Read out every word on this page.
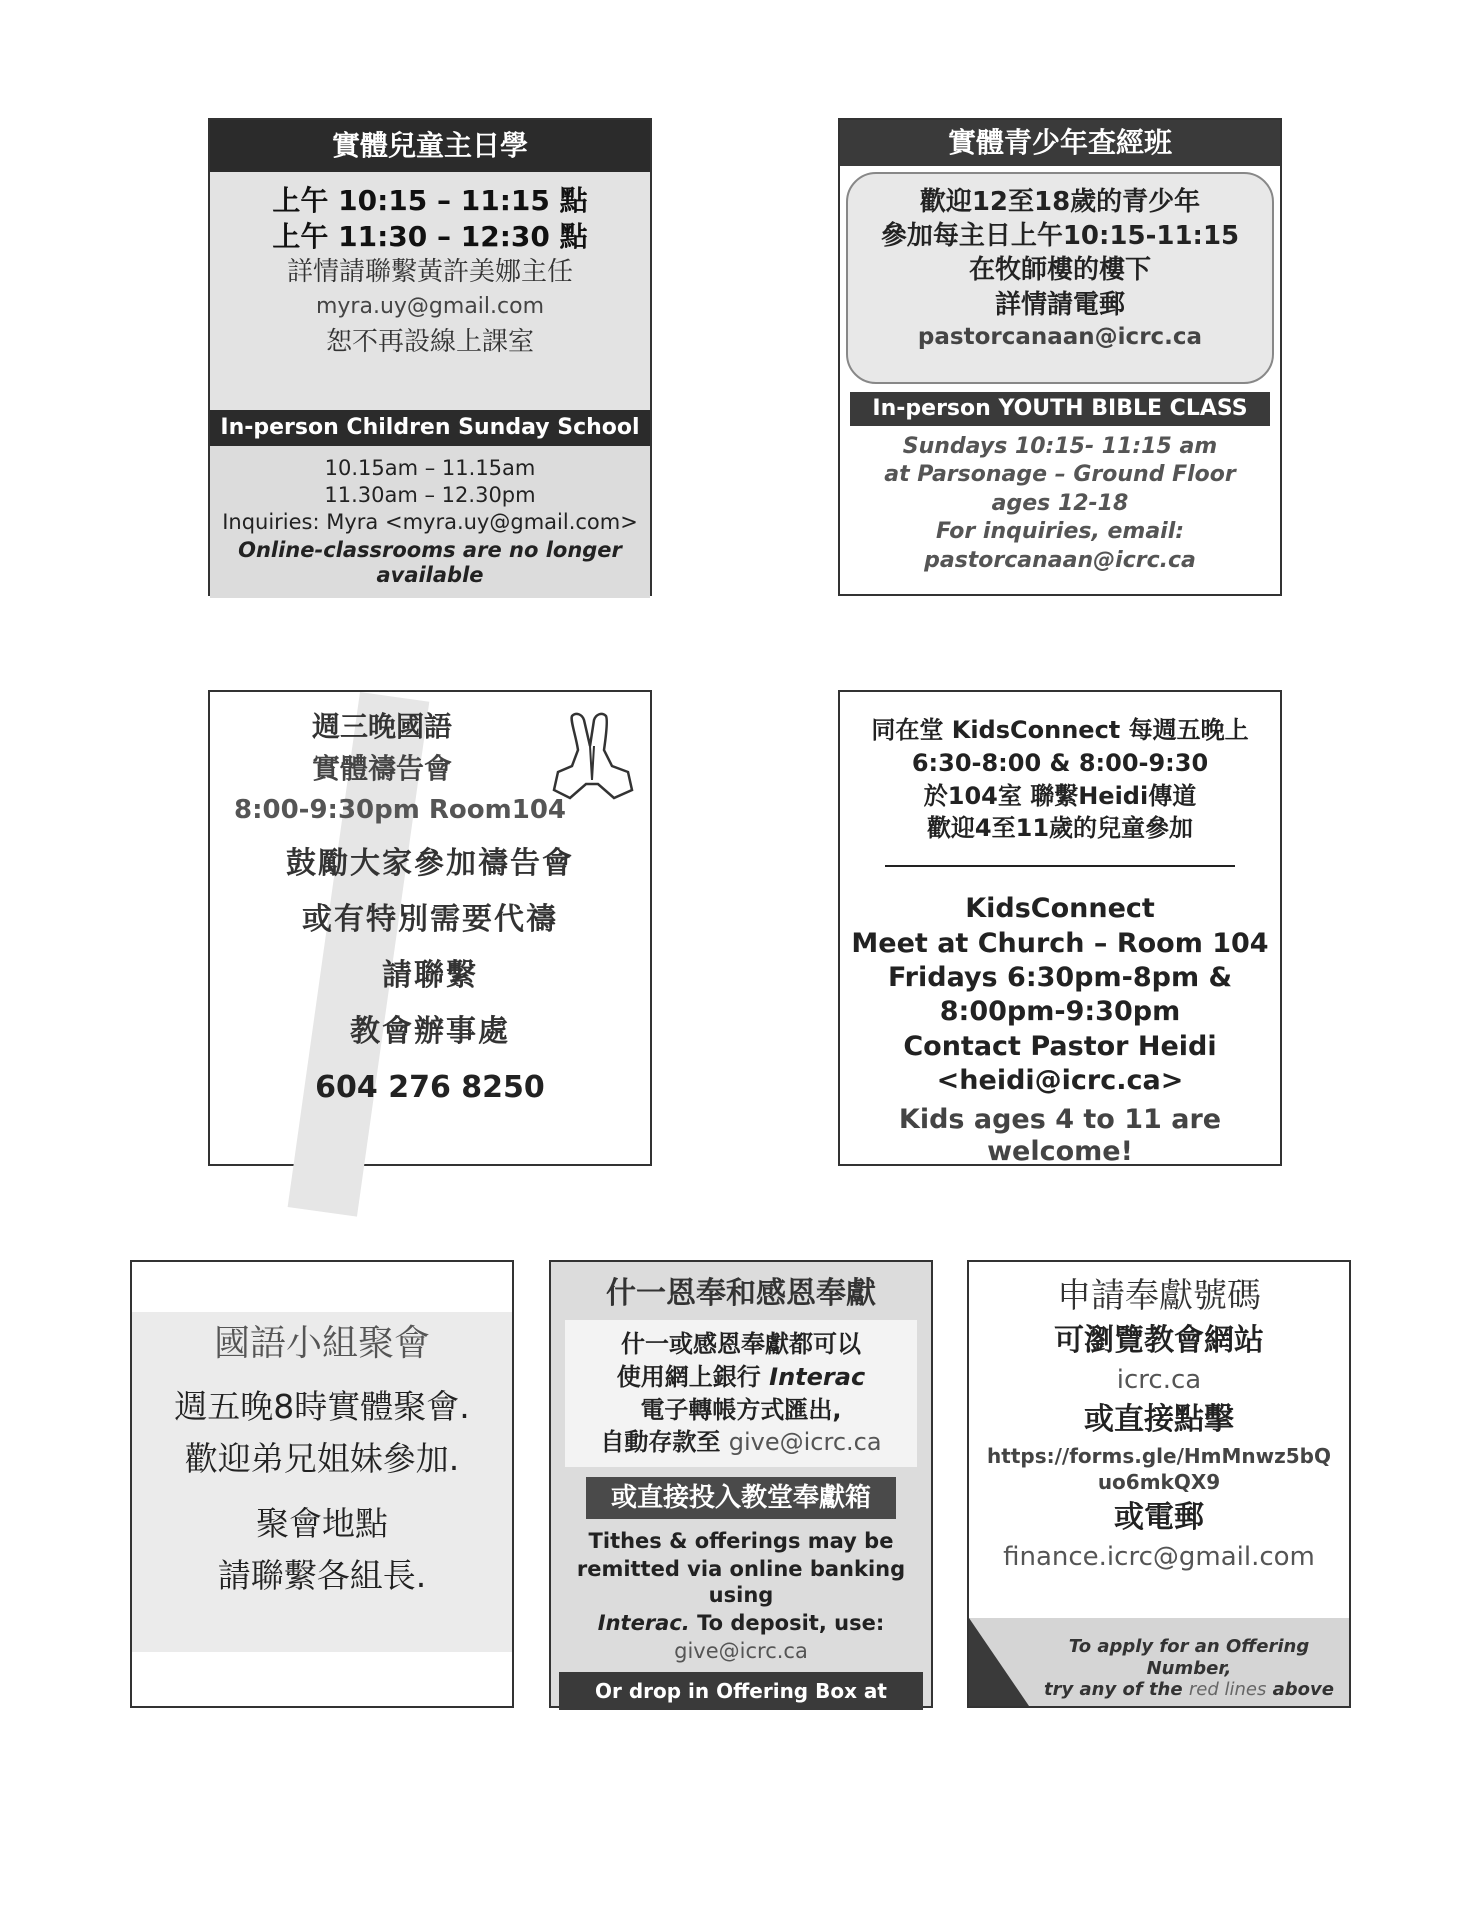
實體兒童主日學
上午 10:15 – 11:15 點
上午 11:30 – 12:30 點
詳情請聯繫黃許美娜主任
myra.uy@gmail.com
恕不再設線上課室
In-person Children Sunday School
10.15am – 11.15am
11.30am – 12.30pm
Inquiries: Myra <myra.uy@gmail.com>
Online-classrooms are no longer available
實體青少年查經班
歡迎12至18歲的青少年
參加每主日上午10:15-11:15
在牧師樓的樓下
詳情請電郵
pastorcanaan@icrc.ca
In-person YOUTH BIBLE CLASS
Sundays 10:15- 11:15 am
at Parsonage – Ground Floor
ages 12-18
For inquiries, email:
pastorcanaan@icrc.ca
週三晚國語
實體禱告會
8:00-9:30pm Room104
鼓勵大家參加禱告會
或有特別需要代禱
請聯繫
教會辦事處
604 276 8250
同在堂 KidsConnect 每週五晚上
6:30-8:00 & 8:00-9:30
於104室 聯繫Heidi傳道
歡迎4至11歲的兒童參加
KidsConnect
Meet at Church – Room 104
Fridays 6:30pm-8pm &
8:00pm-9:30pm
Contact Pastor Heidi
<heidi@icrc.ca>
Kids ages 4 to 11 are welcome!
國語小組聚會
週五晚8時實體聚會.
歡迎弟兄姐妹參加.
聚會地點
請聯繫各組長.
什一恩奉和感恩奉獻
什一或感恩奉獻都可以
使用網上銀行 Interac
電子轉帳方式匯出,
自動存款至 give@icrc.ca
或直接投入教堂奉獻箱
Tithes & offerings may be
remitted via online banking using
Interac. To deposit, use:
give@icrc.ca
Or drop in Offering Box at chapel lobby
申請奉獻號碼
可瀏覽教會網站
icrc.ca
或直接點擊
https://forms.gle/HmMnwz5bQ
uo6mkQX9
或電郵
finance.icrc@gmail.com
To apply for an Offering Number,
try any of the red lines above
